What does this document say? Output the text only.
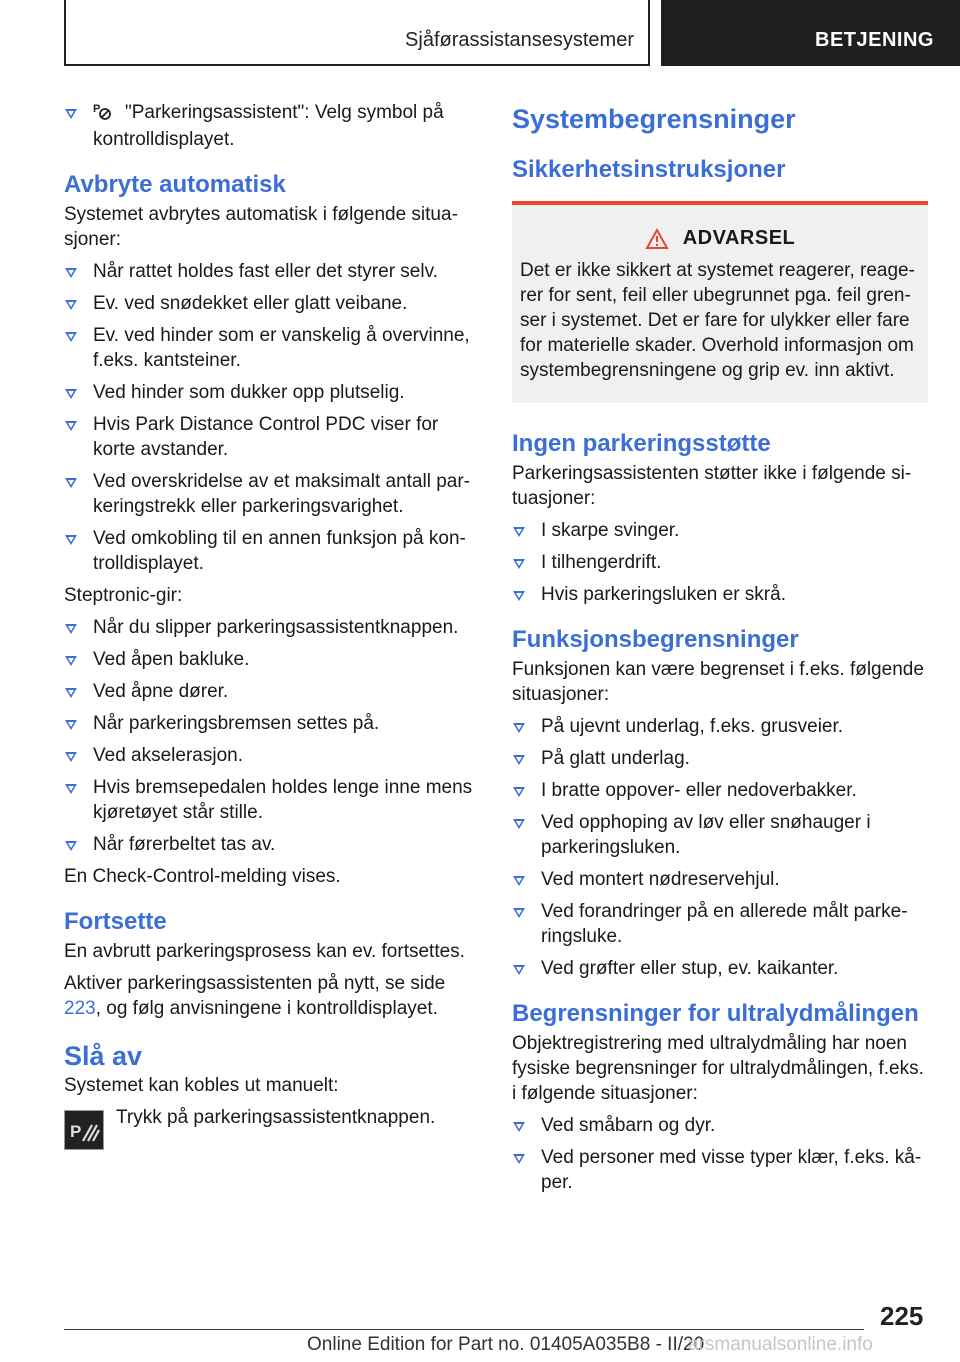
Sjåførassistansesystemer	BETJENING
P "Parkeringsassistent": Velg symbol på kontrolldisplayet.
Avbryte automatisk

Systemet avbrytes automatisk i følgende situasjoner:

Når rattet holdes fast eller det styrer selv.
Ev. ved snødekket eller glatt veibane.
Ev. ved hinder som er vanskelig å overvinne, f.eks. kantsteiner.
Ved hinder som dukker opp plutselig.
Hvis Park Distance Control PDC viser for korte avstander.
Ved overskridelse av et maksimalt antall parkeringstrekk eller parkeringsvarighet.
Ved omkobling til en annen funksjon på kontrolldisplayet.

Steptronic-gir:

Når du slipper parkeringsassistentknappen.
Ved åpen bakluke.
Ved åpne dører.
Når parkeringsbremsen settes på.
Ved akselerasjon.
Hvis bremsepedalen holdes lenge inne mens kjøretøyet står stille.
Når førerbeltet tas av.

En Check-Control-melding vises.

Fortsette

En avbrutt parkeringsprosess kan ev. fortsettes.

Aktiver parkeringsassistenten på nytt, se side 223, og følg anvisningene i kontrolldisplayet.

Slå av

Systemet kan kobles ut manuelt:

P

Trykk på parkeringsassistentknappen.

Systembegrensninger
Sikkerhetsinstruksjoner
ADVARSEL

Det er ikke sikkert at systemet reagerer, reagerer for sent, feil eller ubegrunnet pga. feil grenser i systemet. Det er fare for ulykker eller fare for materielle skader. Overhold informasjon om systembegrensningene og grip ev. inn aktivt.

Ingen parkeringsstøtte

Parkeringsassistenten støtter ikke i følgende situasjoner:

I skarpe svinger.
I tilhengerdrift.
Hvis parkeringsluken er skrå.
Funksjonsbegrensninger

Funksjonen kan være begrenset i f.eks. følgende situasjoner:

På ujevnt underlag, f.eks. grusveier.
På glatt underlag.
I bratte oppover- eller nedoverbakker.
Ved opphoping av løv eller snøhauger i parkeringsluken.
Ved montert nødreservehjul.
Ved forandringer på en allerede målt parkeringsluke.
Ved grøfter eller stup, ev. kaikanter.
Begrensninger for ultralydmålingen

Objektregistrering med ultralydmåling har noen fysiske begrensninger for ultralydmålingen, f.eks. i følgende situasjoner:

Ved småbarn og dyr.
Ved personer med visse typer klær, f.eks. kåper.
225
Online Edition for Part no. 01405A035B8 - II/20
arsmanualsonline.info
